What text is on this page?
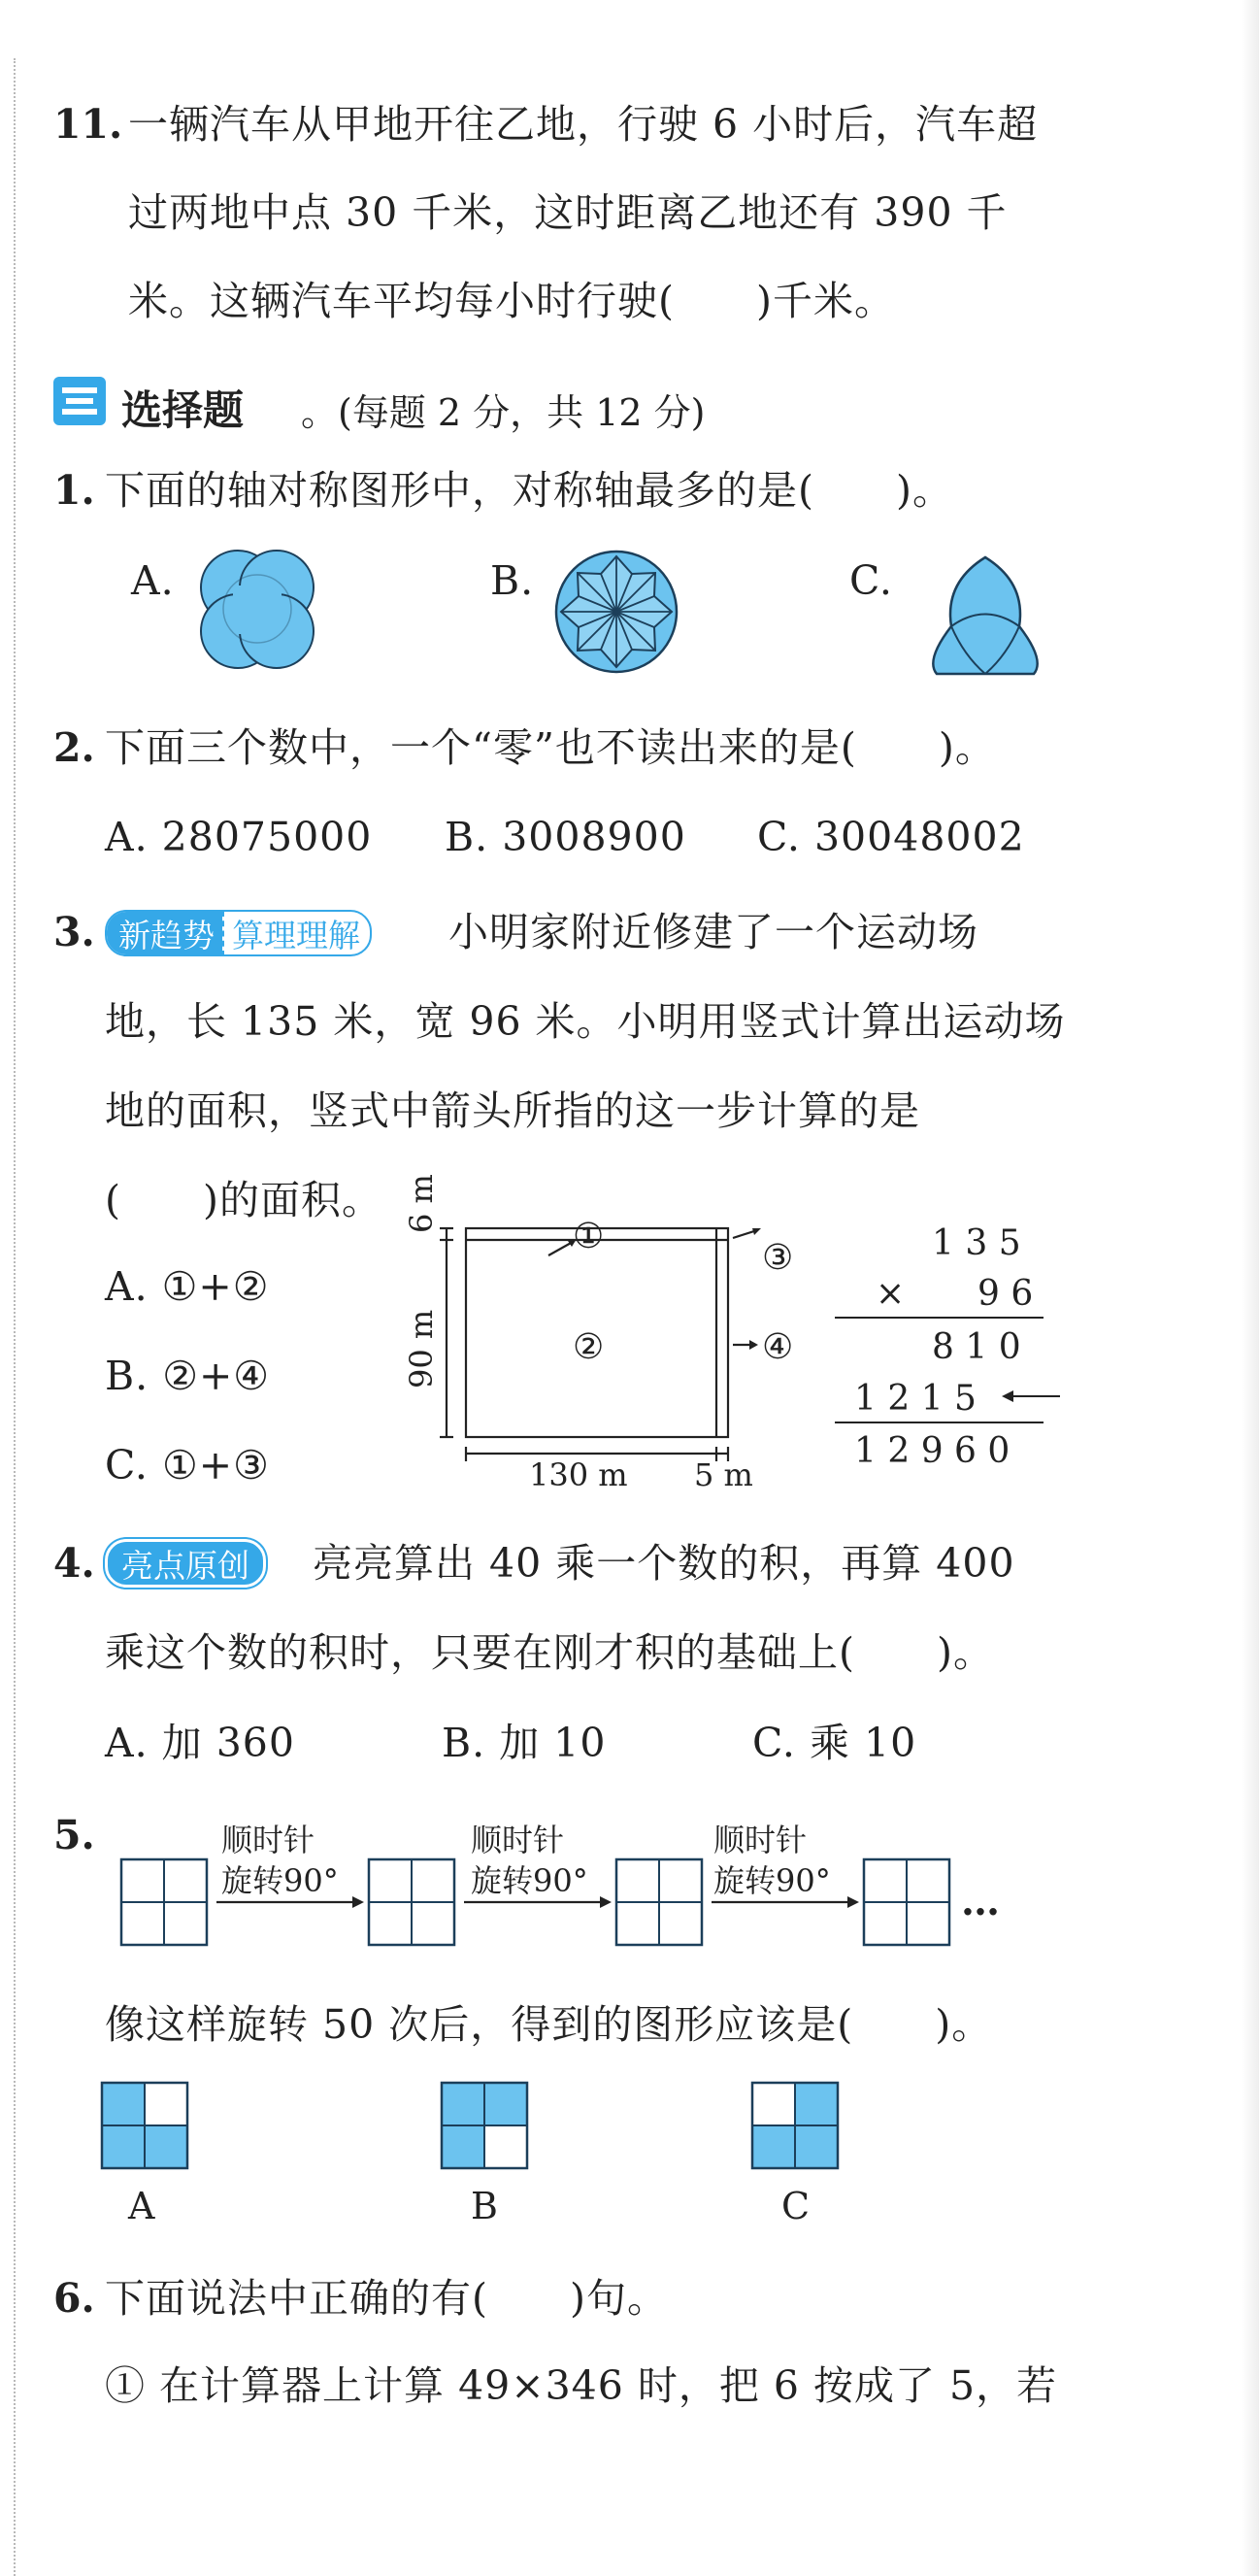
11. 一辆汽车从甲地开往乙地，行驶 6 小时后，汽车超
过两地中点 30 千米，这时距离乙地还有 390 千
米。这辆汽车平均每小时行驶(　　)千米。
选择题 。(每题 2 分，共 12 分)
1. 下面的轴对称图形中，对称轴最多的是(　　)。
A.	B.	C.
2. 下面三个数中，一个“零”也不读出来的是(　　)。
A. 28075000 B. 3008900 C. 30048002
3. 新趋势 算理理解 小明家附近修建了一个运动场
地，长 135 米，宽 96 米。小明用竖式计算出运动场
地的面积，竖式中箭头所指的这一步计算的是
(　　)的面积。
A. ①+②
B. ②+④
C. ①+③
①
③
②	④
6 m
90 m
130 m 5 m
1 3 5
× 9 6
8 1 0
1 2 1 5
1 2 9 6 0
4. 亮点原创	亮亮算出 40 乘一个数的积，再算 400
乘这个数的积时，只要在刚才积的基础上(　　)。
A. 加 360	B. 加 10	C. 乘 10
5.	顺时针
旋转90°
顺时针
旋转90°
顺时针
旋转90°	…
像这样旋转 50 次后，得到的图形应该是(　　)。
A	B	C
6. 下面说法中正确的有(　　)句。
① 在计算器上计算 49×346 时，把 6 按成了 5，若
